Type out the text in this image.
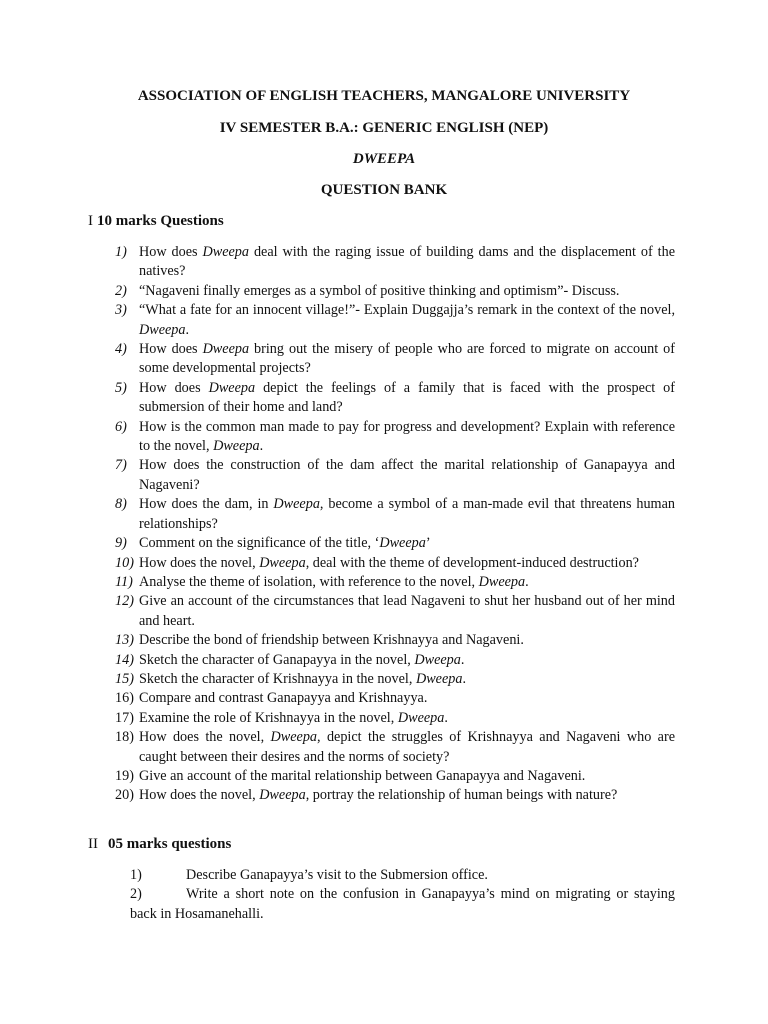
ASSOCIATION OF ENGLISH TEACHERS, MANGALORE UNIVERSITY

IV SEMESTER B.A.: GENERIC ENGLISH (NEP)

DWEEPA

QUESTION BANK

I 10 marks Questions

1) How does Dweepa deal with the raging issue of building dams and the displacement of the natives?
2) “Nagaveni finally emerges as a symbol of positive thinking and optimism”- Discuss.
3) “What a fate for an innocent village!”- Explain Duggajja’s remark in the context of the novel, Dweepa.
4) How does Dweepa bring out the misery of people who are forced to migrate on account of some developmental projects?
5) How does Dweepa depict the feelings of a family that is faced with the prospect of submersion of their home and land?
6) How is the common man made to pay for progress and development? Explain with reference to the novel, Dweepa.
7) How does the construction of the dam affect the marital relationship of Ganapayya and Nagaveni?
8) How does the dam, in Dweepa, become a symbol of a man-made evil that threatens human relationships?
9) Comment on the significance of the title, ‘Dweepa’
10) How does the novel, Dweepa, deal with the theme of development-induced destruction?
11) Analyse the theme of isolation, with reference to the novel, Dweepa.
12) Give an account of the circumstances that lead Nagaveni to shut her husband out of her mind and heart.
13) Describe the bond of friendship between Krishnayya and Nagaveni.
14) Sketch the character of Ganapayya in the novel, Dweepa.
15) Sketch the character of Krishnayya in the novel, Dweepa.
16) Compare and contrast Ganapayya and Krishnayya.
17) Examine the role of Krishnayya in the novel, Dweepa.
18) How does the novel, Dweepa, depict the struggles of Krishnayya and Nagaveni who are caught between their desires and the norms of society?
19) Give an account of the marital relationship between Ganapayya and Nagaveni.
20) How does the novel, Dweepa, portray the relationship of human beings with nature?

II 05 marks questions

1)	Describe Ganapayya’s visit to the Submersion office.
2)	Write a short note on the confusion in Ganapayya’s mind on migrating or staying back in Hosamanehalli.
